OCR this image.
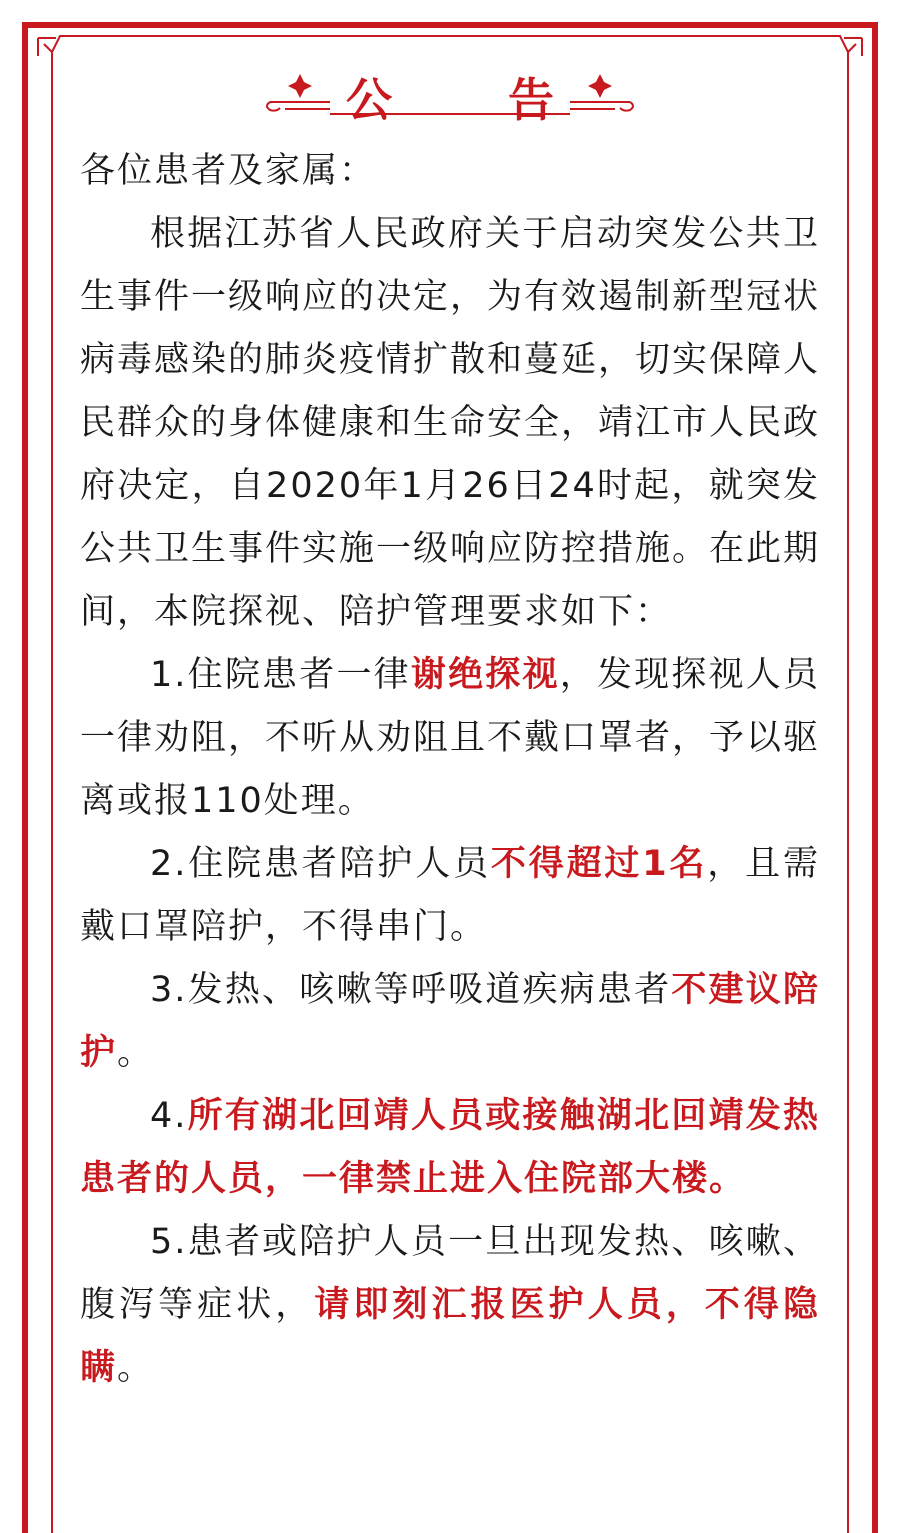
公	告

各位患者及家属：

根据江苏省人民政府关于启动突发公共卫生事件一级响应的决定，为有效遏制新型冠状病毒感染的肺炎疫情扩散和蔓延，切实保障人民群众的身体健康和生命安全，靖江市人民政府决定，自2020年1月26日24时起，就突发公共卫生事件实施一级响应防控措施。在此期间，本院探视、陪护管理要求如下：

1.住院患者一律谢绝探视，发现探视人员一律劝阻，不听从劝阻且不戴口罩者，予以驱离或报110处理。

2.住院患者陪护人员不得超过1名，且需戴口罩陪护，不得串门。

3.发热、咳嗽等呼吸道疾病患者不建议陪护。

4.所有湖北回靖人员或接触湖北回靖发热患者的人员，一律禁止进入住院部大楼。

5.患者或陪护人员一旦出现发热、咳嗽、腹泻等症状，请即刻汇报医护人员，不得隐瞒。
